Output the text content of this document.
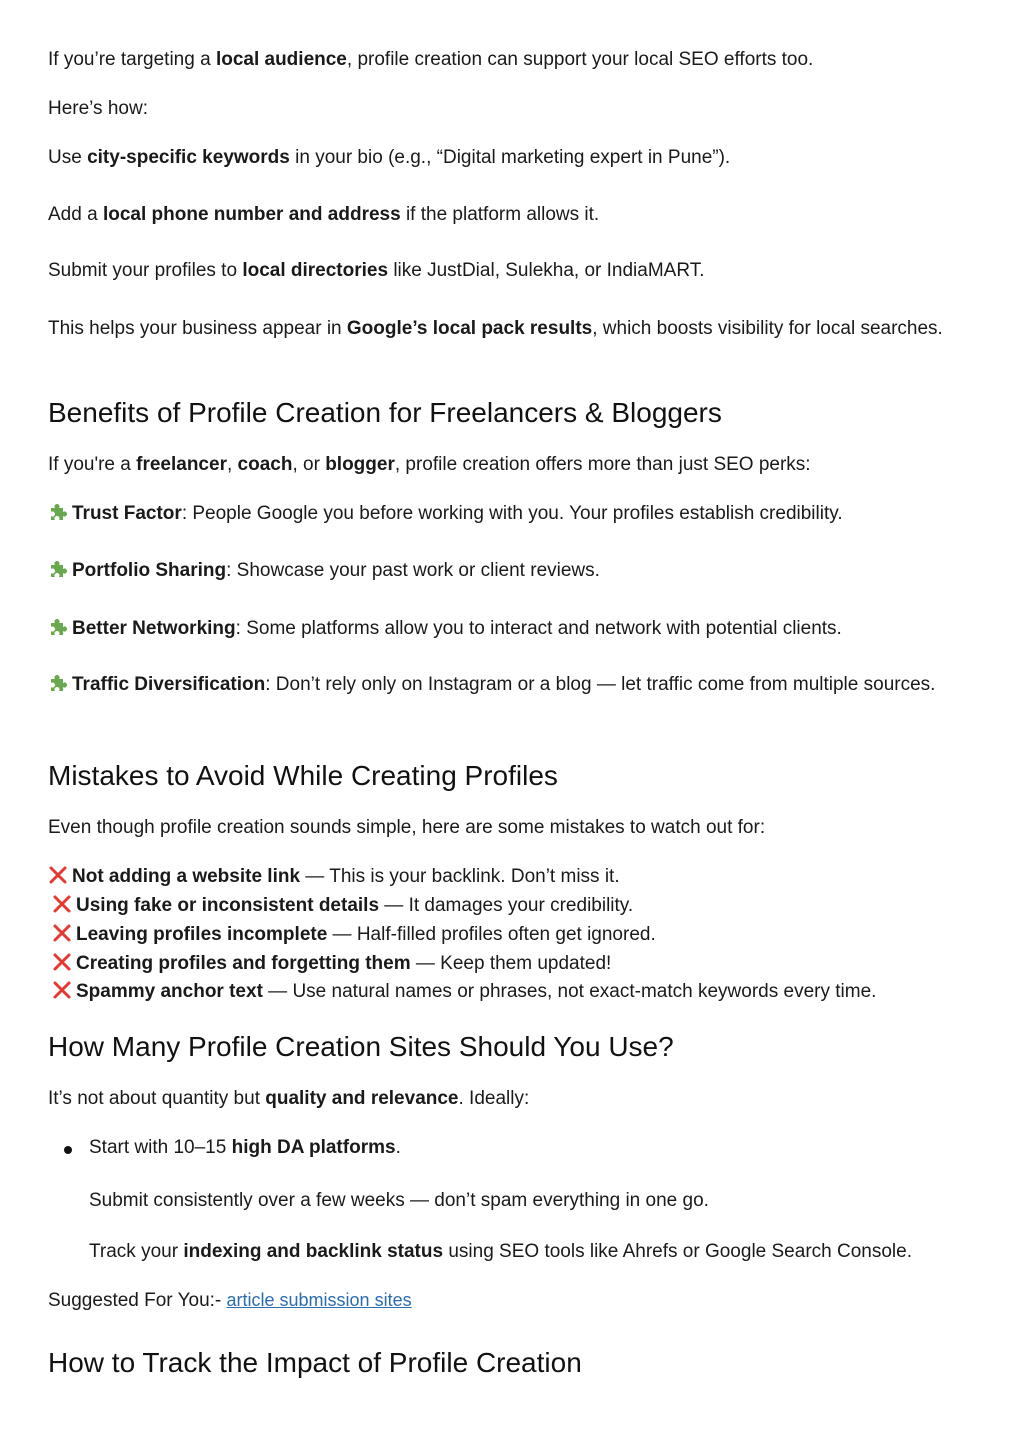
If you’re targeting a local audience, profile creation can support your local SEO efforts too.

Here’s how:

Use city-specific keywords in your bio (e.g., “Digital marketing expert in Pune”).

Add a local phone number and address if the platform allows it.

Submit your profiles to local directories like JustDial, Sulekha, or IndiaMART.

This helps your business appear in Google’s local pack results, which boosts visibility for local searches.

Benefits of Profile Creation for Freelancers & Bloggers

If you're a freelancer, coach, or blogger, profile creation offers more than just SEO perks:

Trust Factor: People Google you before working with you. Your profiles establish credibility.

Portfolio Sharing: Showcase your past work or client reviews.

Better Networking: Some platforms allow you to interact and network with potential clients.

Traffic Diversification: Don’t rely only on Instagram or a blog — let traffic come from multiple sources.

Mistakes to Avoid While Creating Profiles

Even though profile creation sounds simple, here are some mistakes to watch out for:

Not adding a website link — This is your backlink. Don’t miss it.

Using fake or inconsistent details — It damages your credibility.

Leaving profiles incomplete — Half-filled profiles often get ignored.

Creating profiles and forgetting them — Keep them updated!

Spammy anchor text — Use natural names or phrases, not exact-match keywords every time.

How Many Profile Creation Sites Should You Use?

It’s not about quantity but quality and relevance. Ideally:

Start with 10–15 high DA platforms.

Submit consistently over a few weeks — don’t spam everything in one go.

Track your indexing and backlink status using SEO tools like Ahrefs or Google Search Console.

Suggested For You:- article submission sites

How to Track the Impact of Profile Creation
